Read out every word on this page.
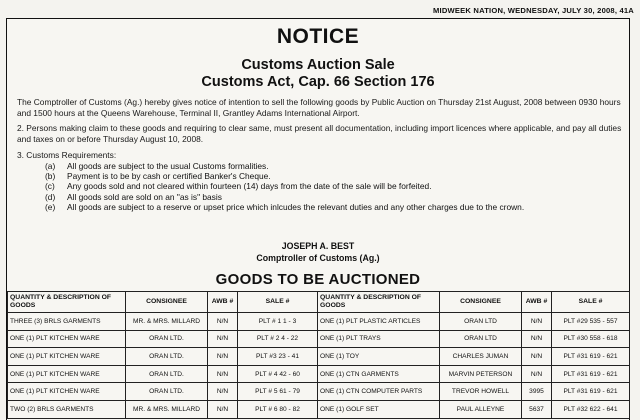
MIDWEEK NATION, WEDNESDAY, JULY 30, 2008, 41A
NOTICE
Customs Auction Sale
Customs Act, Cap. 66 Section 176
The Comptroller of Customs (Ag.) hereby gives notice of intention to sell the following goods by Public Auction on Thursday 21st August, 2008 between 0930 hours and 1500 hours at the Queens Warehouse, Terminal II, Grantley Adams International Airport.
2. Persons making claim to these goods and requiring to clear same, must present all documentation, including import licences where applicable, and pay all duties and taxes on or before Thursday August 10, 2008.
3. Customs Requirements:
(a)	All goods are subject to the usual Customs formalities.
(b)	Payment is to be by cash or certified Banker's Cheque.
(c)	Any goods sold and not cleared within fourteen (14) days from the date of the sale will be forfeited.
(d)	All goods sold are sold on an "as is" basis
(e)	All goods are subject to a reserve or upset price which inlcudes the relevant duties and any other charges due to the crown.
JOSEPH A. BEST
Comptroller of Customs (Ag.)
GOODS TO BE AUCTIONED
QUANTITY & DESCRIPTION OF GOODS	CONSIGNEE	AWB #	SALE #	QUANTITY & DESCRIPTION OF GOODS	CONSIGNEE	AWB #	SALE #
THREE (3) BRLS GARMENTS	MR. & MRS. MILLARD	N/N	PLT # 1 1 - 3	ONE (1) PLT PLASTIC ARTICLES	ORAN LTD	N/N	PLT #29 535 - 557
ONE (1) PLT KITCHEN WARE	ORAN LTD.	N/N	PLT # 2 4 - 22	ONE (1) PLT TRAYS	ORAN LTD	N/N	PLT #30 558 - 618
ONE (1) PLT KITCHEN WARE	ORAN LTD.	N/N	PLT #3 23 - 41	ONE (1) TOY	CHARLES JUMAN	N/N	PLT #31 619 - 621
ONE (1) PLT KITCHEN WARE	ORAN LTD.	N/N	PLT # 4 42 - 60	ONE (1) CTN GARMENTS	MARVIN PETERSON	N/N	PLT #31 619 - 621
ONE (1) PLT KITCHEN WARE	ORAN LTD.	N/N	PLT # 5 61 - 79	ONE (1) CTN COMPUTER PARTS	TREVOR HOWELL	3995	PLT #31 619 - 621
TWO (2) BRLS GARMENTS	MR. & MRS. MILLARD	N/N	PLT # 6 80 - 82	ONE (1) GOLF SET	PAUL ALLEYNE	5637	PLT #32 622 - 641
